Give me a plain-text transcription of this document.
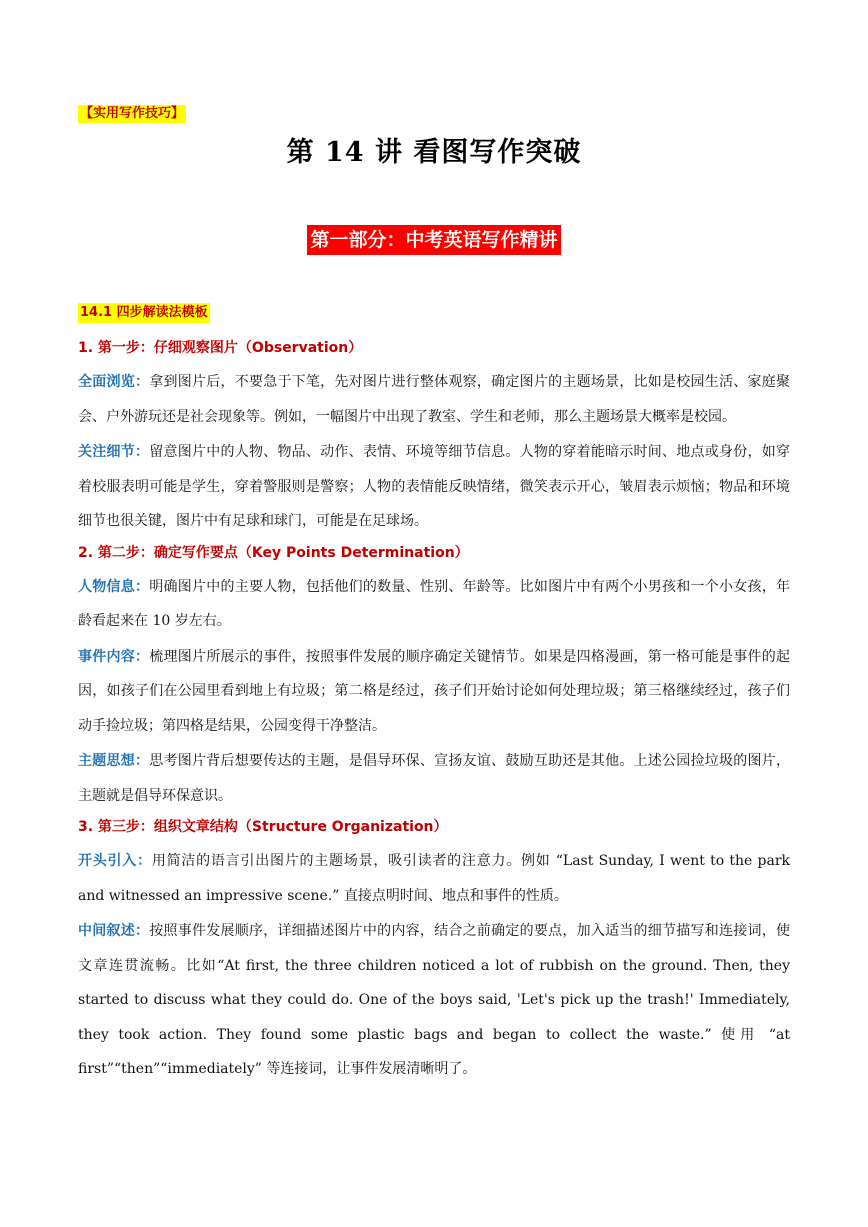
【实用写作技巧】
第 14 讲 看图写作突破
第一部分：中考英语写作精讲
14.1 四步解读法模板
1. 第一步：仔细观察图片（Observation）

全面浏览：拿到图片后，不要急于下笔，先对图片进行整体观察，确定图片的主题场景，比如是校园生活、家庭聚会、户外游玩还是社会现象等。例如，一幅图片中出现了教室、学生和老师，那么主题场景大概率是校园。

关注细节：留意图片中的人物、物品、动作、表情、环境等细节信息。人物的穿着能暗示时间、地点或身份，如穿着校服表明可能是学生，穿着警服则是警察；人物的表情能反映情绪，微笑表示开心，皱眉表示烦恼；物品和环境细节也很关键，图片中有足球和球门，可能是在足球场。

2. 第二步：确定写作要点（Key Points Determination）

人物信息：明确图片中的主要人物，包括他们的数量、性别、年龄等。比如图片中有两个小男孩和一个小女孩，年龄看起来在 10 岁左右。

事件内容：梳理图片所展示的事件，按照事件发展的顺序确定关键情节。如果是四格漫画，第一格可能是事件的起因，如孩子们在公园里看到地上有垃圾；第二格是经过，孩子们开始讨论如何处理垃圾；第三格继续经过，孩子们动手捡垃圾；第四格是结果，公园变得干净整洁。

主题思想：思考图片背后想要传达的主题，是倡导环保、宣扬友谊、鼓励互助还是其他。上述公园捡垃圾的图片，主题就是倡导环保意识。

3. 第三步：组织文章结构（Structure Organization）

开头引入：用简洁的语言引出图片的主题场景，吸引读者的注意力。例如 “Last Sunday, I went to the park and witnessed an impressive scene.” 直接点明时间、地点和事件的性质。

中间叙述：按照事件发展顺序，详细描述图片中的内容，结合之前确定的要点，加入适当的细节描写和连接词，使文章连贯流畅。比如“At first, the three children noticed a lot of rubbish on the ground. Then, they started to discuss what they could do. One of the boys said, 'Let's pick up the trash!' Immediately, they took action. They found some plastic bags and began to collect the waste.” 使用 “at first”“then”“immediately” 等连接词，让事件发展清晰明了。
